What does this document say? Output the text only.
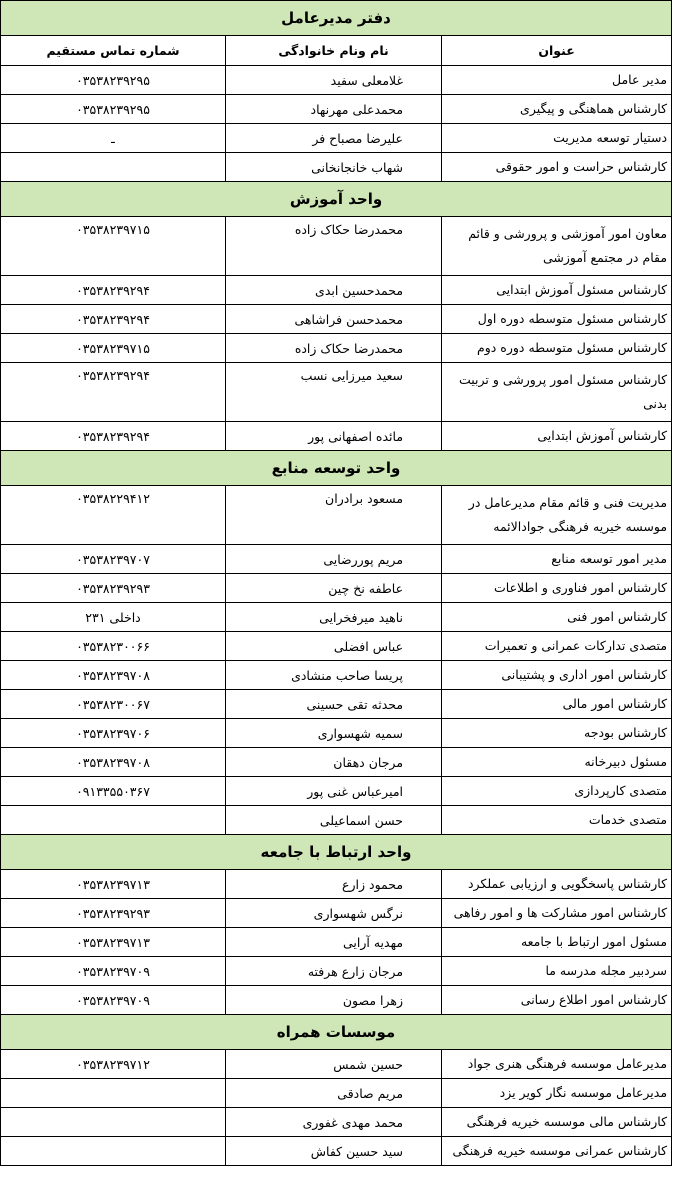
دفتر مدیرعامل		
عنوان	نام ونام خانوادگی	شماره تماس مستقیم
مدیر عامل	غلامعلی سفید	۰۳۵۳۸۲۳۹۲۹۵
کارشناس هماهنگی و پیگیری	محمدعلی مهرنهاد	۰۳۵۳۸۲۳۹۲۹۵
دستیار توسعه مدیریت	علیرضا مصباح فر	ـ
کارشناس حراست و امور حقوقی	شهاب خانجانخانی	
واحد آموزش		
معاون امور آموزشی و پرورشی و قائم مقام در مجتمع آموزشی	محمدرضا حکاک زاده	۰۳۵۳۸۲۳۹۷۱۵
کارشناس مسئول آموزش ابتدایی	محمدحسین ابدی	۰۳۵۳۸۲۳۹۲۹۴
کارشناس مسئول متوسطه دوره اول	محمدحسن فراشاهی	۰۳۵۳۸۲۳۹۲۹۴
کارشناس مسئول متوسطه دوره دوم	محمدرضا حکاک زاده	۰۳۵۳۸۲۳۹۷۱۵
کارشناس مسئول امور پرورشی و تربیت بدنی	سعید میرزایی نسب	۰۳۵۳۸۲۳۹۲۹۴
کارشناس آموزش ابتدایی	مائده اصفهانی پور	۰۳۵۳۸۲۳۹۲۹۴
واحد توسعه منابع		
مدیریت فنی و قائم مقام مدیرعامل در موسسه خیریه فرهنگی جوادالائمه	مسعود برادران	۰۳۵۳۸۲۲۹۴۱۲
مدیر امور توسعه منابع	مریم پوررضایی	۰۳۵۳۸۲۳۹۷۰۷
کارشناس امور فناوری و اطلاعات	عاطفه نخ چین	۰۳۵۳۸۲۳۹۲۹۳
کارشناس امور فنی	ناهید میرفخرایی	داخلی ۲۳۱
متصدی تدارکات عمرانی و تعمیرات	عباس افضلی	۰۳۵۳۸۲۳۰۰۶۶
کارشناس امور اداری و پشتیبانی	پریسا صاحب منشادی	۰۳۵۳۸۲۳۹۷۰۸
کارشناس امور مالی	محدثه تقی حسینی	۰۳۵۳۸۲۳۰۰۶۷
کارشناس بودجه	سمیه شهسواری	۰۳۵۳۸۲۳۹۷۰۶
مسئول دبیرخانه	مرجان دهقان	۰۳۵۳۸۲۳۹۷۰۸
متصدی کارپردازی	امیرعباس غنی پور	۰۹۱۳۳۵۵۰۳۶۷
متصدی خدمات	حسن اسماعیلی	
واحد ارتباط با جامعه		
کارشناس پاسخگویی و ارزیابی عملکرد	محمود زارع	۰۳۵۳۸۲۳۹۷۱۳
کارشناس امور مشارکت ها و امور رفاهی	نرگس شهسواری	۰۳۵۳۸۲۳۹۲۹۳
مسئول امور ارتباط با جامعه	مهدیه آرایی	۰۳۵۳۸۲۳۹۷۱۳
سردبیر مجله مدرسه ما	مرجان زارع هرفته	۰۳۵۳۸۲۳۹۷۰۹
کارشناس امور اطلاع رسانی	زهرا مصون	۰۳۵۳۸۲۳۹۷۰۹
موسسات همراه		
مدیرعامل موسسه فرهنگی هنری جواد	حسین شمس	۰۳۵۳۸۲۳۹۷۱۲
مدیرعامل موسسه نگار کویر یزد	مریم صادقی	
کارشناس مالی موسسه خیریه فرهنگی	محمد مهدی غفوری	
کارشناس عمرانی موسسه خیریه فرهنگی	سید حسین کفاش	
